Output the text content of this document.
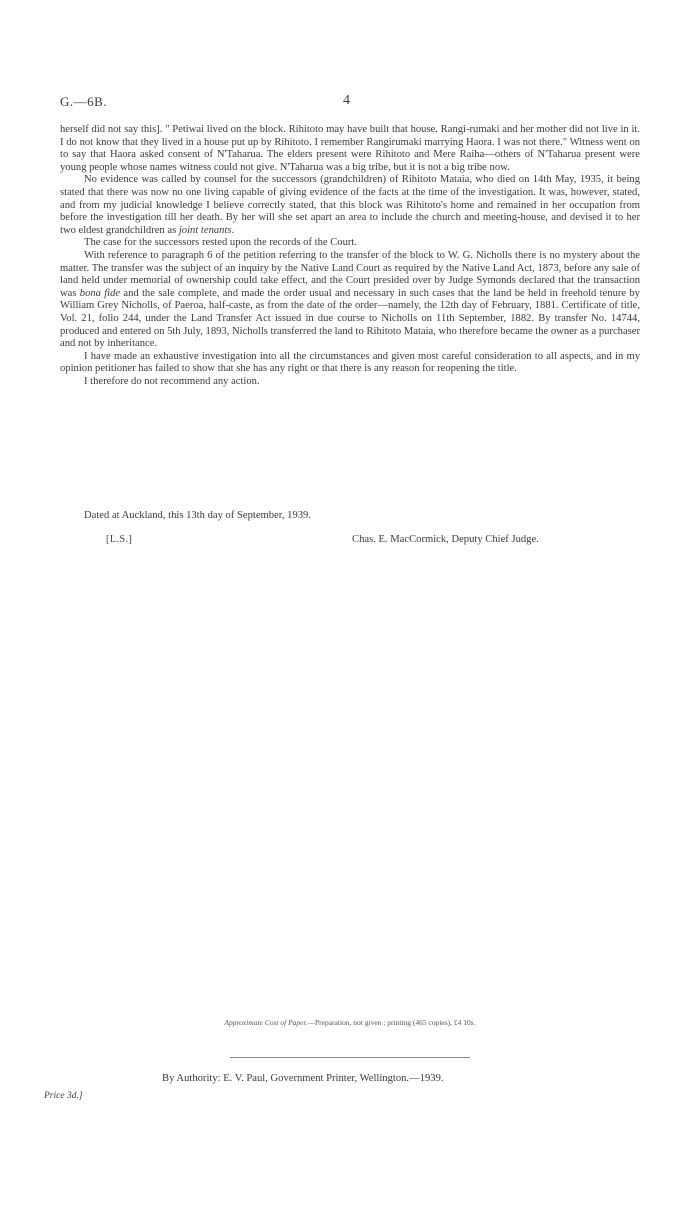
G.—6B.	4

herself did not say this]. " Petiwai lived on the block. Rihitoto may have built that house. Rangi-rumaki and her mother did not live in it. I do not know that they lived in a house put up by Rihitoto. I remember Rangirumaki marrying Haora. I was not there." Witness went on to say that Haora asked consent of N'Taharua. The elders present were Rihitoto and Mere Raiha—others of N'Taharua present were young people whose names witness could not give. N'Taharua was a big tribe, but it is not a big tribe now.

No evidence was called by counsel for the successors (grandchildren) of Rihitoto Mataia, who died on 14th May, 1935, it being stated that there was now no one living capable of giving evidence of the facts at the time of the investigation. It was, however, stated, and from my judicial knowledge I believe correctly stated, that this block was Rihitoto's home and remained in her occupation from before the investigation till her death. By her will she set apart an area to include the church and meeting-house, and devised it to her two eldest grandchildren as joint tenants.

The case for the successors rested upon the records of the Court.

With reference to paragraph 6 of the petition referring to the transfer of the block to W. G. Nicholls there is no mystery about the matter. The transfer was the subject of an inquiry by the Native Land Court as required by the Native Land Act, 1873, before any sale of land held under memorial of ownership could take effect, and the Court presided over by Judge Symonds declared that the transaction was bona fide and the sale complete, and made the order usual and necessary in such cases that the land be held in freehold tenure by William Grey Nicholls, of Paeroa, half-caste, as from the date of the order—namely, the 12th day of February, 1881. Certificate of title, Vol. 21, folio 244, under the Land Transfer Act issued in due course to Nicholls on 11th September, 1882. By transfer No. 14744, produced and entered on 5th July, 1893, Nicholls transferred the land to Rihitoto Mataia, who therefore became the owner as a purchaser and not by inheritance.

I have made an exhaustive investigation into all the circumstances and given most careful consideration to all aspects, and in my opinion petitioner has failed to show that she has any right or that there is any reason for reopening the title.

I therefore do not recommend any action.

Dated at Auckland, this 13th day of September, 1939.
[L.S.]	Chas. E. MacCormick, Deputy Chief Judge.
Approximate Cost of Paper.—Preparation, not given ; printing (465 copies), £4 10s.
By Authority: E. V. Paul, Government Printer, Wellington.—1939.
Price 3d.]
